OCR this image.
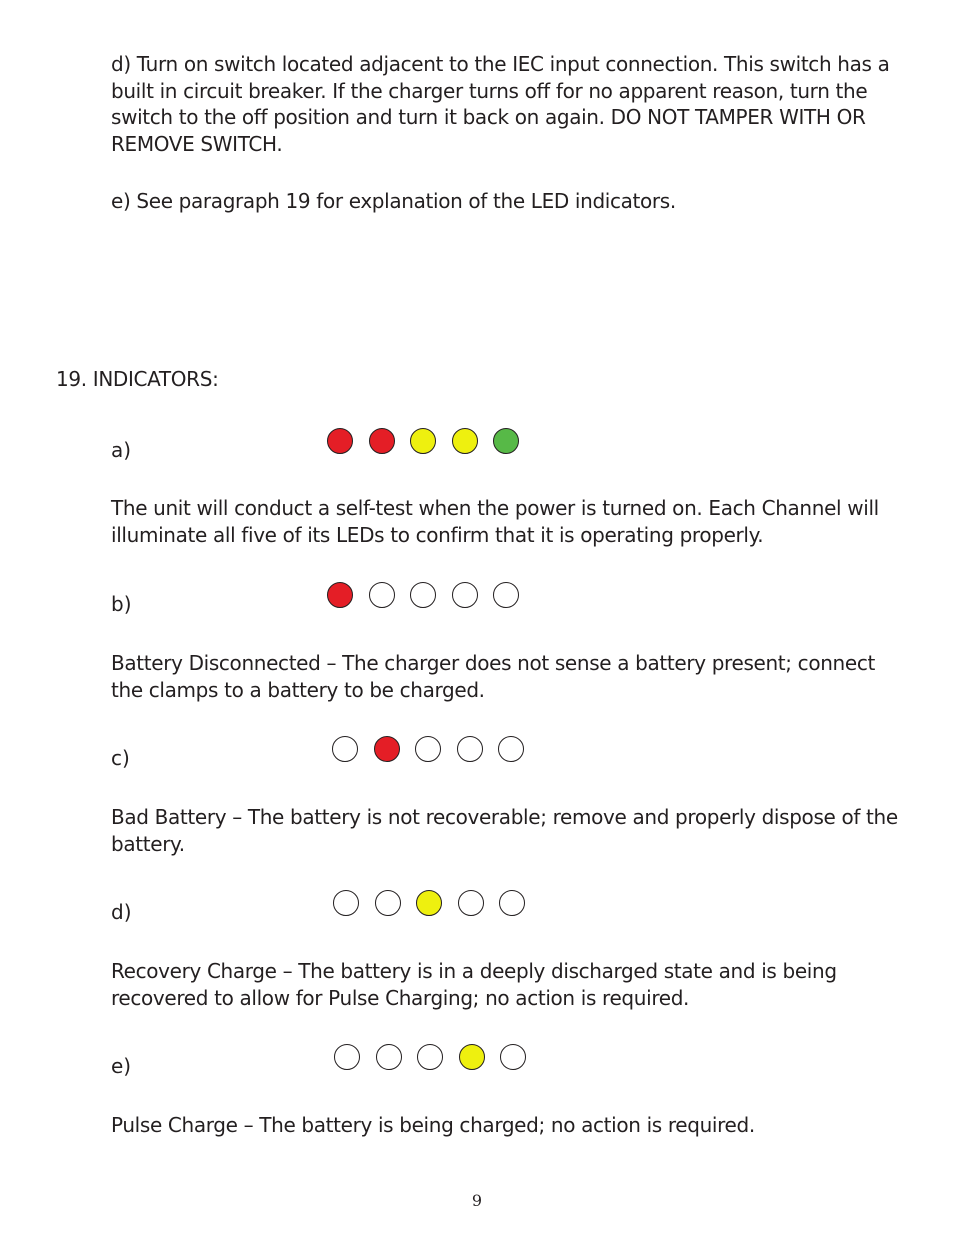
d) Turn on switch located adjacent to the IEC input connection. This switch has a built in circuit breaker. If the charger turns off for no apparent reason, turn the switch to the off position and turn it back on again. DO NOT TAMPER WITH OR REMOVE SWITCH.

e) See paragraph 19 for explanation of the LED indicators.

19. INDICATORS:

a)

The unit will conduct a self-test when the power is turned on. Each Channel will illuminate all five of its LEDs to confirm that it is operating properly.

b)

Battery Disconnected – The charger does not sense a battery present; connect the clamps to a battery to be charged.

c)

Bad Battery – The battery is not recoverable; remove and properly dispose of the battery.

d)

Recovery Charge – The battery is in a deeply discharged state and is being recovered to allow for Pulse Charging; no action is required.

e)

Pulse Charge – The battery is being charged; no action is required.

9
